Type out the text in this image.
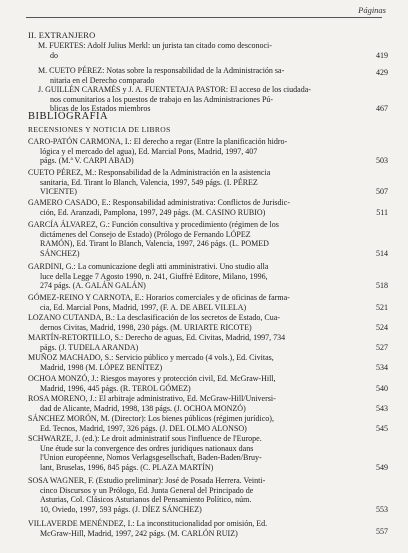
Páginas
II. EXTRANJERO
M. FUERTES: Adolf Julius Merkl: un jurista tan citado como desconoci-
do	419
M. CUETO PÉREZ: Notas sobre la responsabilidad de la Administración sa-
nitaria en el Derecho comparado
429
J. GUILLÉN CARAMÉS y J. A. FUENTETAJA PASTOR: El acceso de los ciudada-
nos comunitarios a los puestos de trabajo en las Administraciones Pú-
blicas de los Estados miembros	467
BIBLIOGRAFIA
RECENSIONES Y NOTICIA DE LIBROS
CARO-PATÓN CARMONA, I.: El derecho a regar (Entre la planificación hidro-
lógica y el mercado del agua), Ed. Marcial Pons, Madrid, 1997, 407
págs. (M.ª V. CARPI ABAD)	503
CUETO PÉREZ, M.: Responsabilidad de la Administración en la asistencia
sanitaria, Ed. Tirant lo Blanch, Valencia, 1997, 549 págs. (I. PÉREZ
VICENTE)	507
GAMERO CASADO, E.: Responsabilidad administrativa: Conflictos de Jurisdic-
ción, Ed. Aranzadi, Pamplona, 1997, 249 págs. (M. CASINO RUBIO)	511
GARCÍA ÁLVAREZ, G.: Función consultiva y procedimiento (régimen de los
dictámenes del Consejo de Estado) (Prólogo de Fernando LÓPEZ
RAMÓN), Ed. Tirant lo Blanch, Valencia, 1997, 246 págs. (L. POMED
SÁNCHEZ)	514
GARDINI, G.: La comunicazione degli atti amministrativi. Uno studio alla
luce della Legge 7 Agosto 1990, n. 241, Giuffrè Editore, Milano, 1996,
274 págs. (A. GALÁN GALÁN)	518
GÓMEZ-REINO Y CARNOTA, E.: Horarios comerciales y de oficinas de farma-
cia, Ed. Marcial Pons, Madrid, 1997, (F. A. DE ABEL VILELA)	521
LOZANO CUTANDA, B.: La desclasificación de los secretos de Estado, Cua-
dernos Civitas, Madrid, 1998, 230 págs. (M. URIARTE RICOTE)	524
MARTÍN-RETORTILLO, S.: Derecho de aguas, Ed. Civitas, Madrid, 1997, 734
págs. (J. TUDELA ARANDA)	527
MUÑOZ MACHADO, S.: Servicio público y mercado (4 vols.), Ed. Civitas,
Madrid, 1998 (M. LÓPEZ BENÍTEZ)	534
OCHOA MONZÓ, J.: Riesgos mayores y protección civil, Ed. McGraw-Hill,
Madrid, 1996, 445 págs. (R. TEROL GÓMEZ)	540
ROSA MORENO, J.: El arbitraje administrativo, Ed. McGraw-Hill/Universi-
dad de Alicante, Madrid, 1998, 138 págs. (J. OCHOA MONZÓ)	543
SÁNCHEZ MORÓN, M. (Director): Los bienes públicos (régimen jurídico),
Ed. Tecnos, Madrid, 1997, 326 págs. (J. DEL OLMO ALONSO)	545
SCHWARZE, J. (ed.): Le droit administratif sous l'influence de l'Europe.
Une étude sur la convergence des ordres juridiques nationaux dans
l'Union européenne, Nomos Verlagsgesellschaft, Baden-Baden/Bruy-
lant, Bruselas, 1996, 845 págs. (C. PLAZA MARTÍN)	549
SOSA WAGNER, F. (Estudio preliminar): José de Posada Herrera. Veinti-
cinco Discursos y un Prólogo, Ed. Junta General del Principado de
Asturias, Col. Clásicos Asturianos del Pensamiento Político, núm.
10, Oviedo, 1997, 593 págs. (J. DÍEZ SÁNCHEZ)	553
VILLAVERDE MENÉNDEZ, I.: La inconstitucionalidad por omisión, Ed.
McGraw-Hill, Madrid, 1997, 242 págs. (M. CARLÓN RUIZ)	557
